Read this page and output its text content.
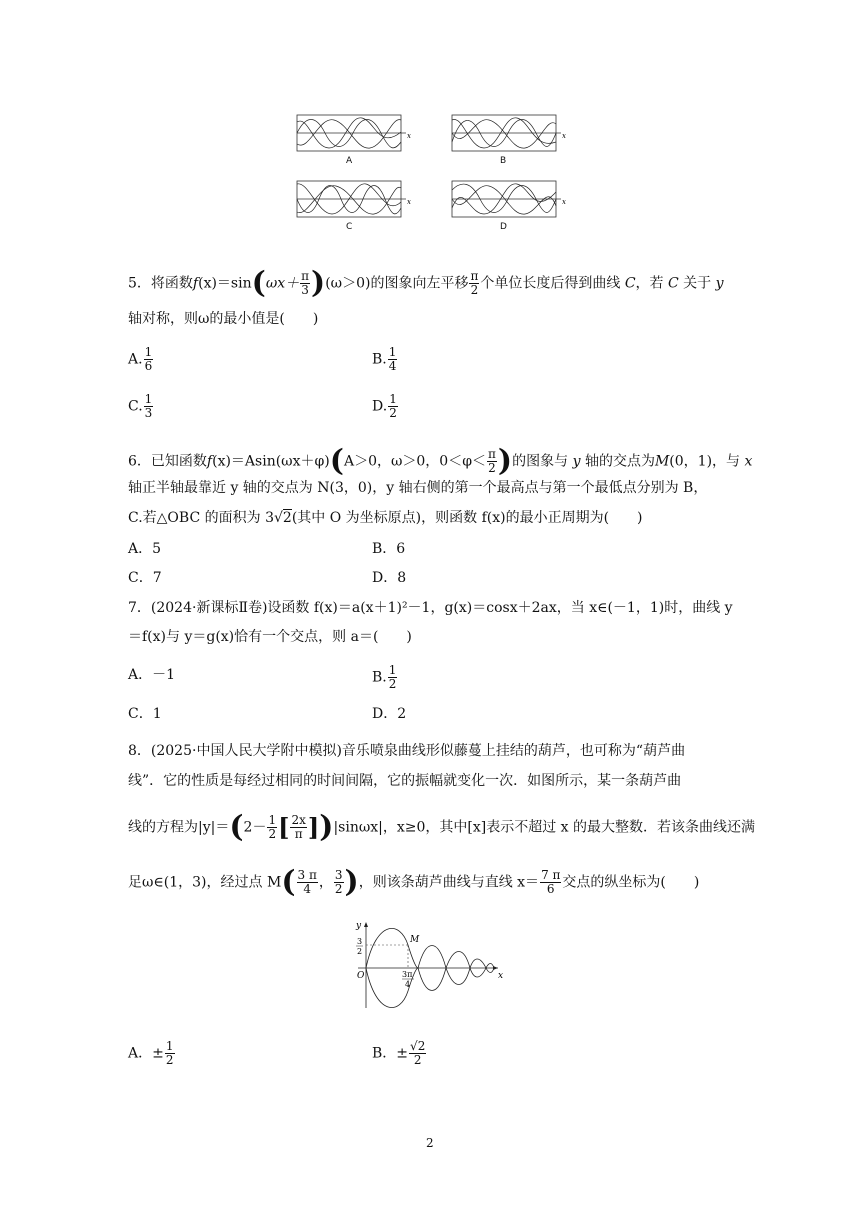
x
A
x
B
x
C
x
D
5．将函数$f(x)=\sin(\omega x+ \frac{\pi}{3} )(\omega>0)$的图象向左平移 $\frac{\pi}{2}$ 个单位长度后得到曲线 C，若 C 关于 y
轴对称，则ω的最小值是(　　)
A. $\frac{1}{6}$	B. $\frac{1}{4}$
C. $\frac{1}{3}$	D. $\frac{1}{2}$
6．已知函数f(x)＝Asin(ωx＋φ)(A＞0，ω＞0，$0<\varphi< \frac{\pi}{2}$ )的图象与 y 轴的交点为M(0，1)，与 x
轴正半轴最靠近 y 轴的交点为 N(3，0)，y 轴右侧的第一个最高点与第一个最低点分别为 B，
C.若△OBC 的面积为 3√2(其中 O 为坐标原点)，则函数 f(x)的最小正周期为(　　)
A．5	B．6
C．7	D．8
7．(2024·新课标Ⅱ卷)设函数 f(x)＝a(x＋1)²－1，g(x)＝cosx＋2ax，当 x∈(－1，1)时，曲线 y
＝f(x)与 y＝g(x)恰有一个交点，则 a＝(　　)
A．－1	B. $\frac{1}{2}$
C．1	D．2
8．(2025·中国人民大学附中模拟)音乐喷泉曲线形似藤蔓上挂结的葫芦，也可称为“葫芦曲
线”．它的性质是每经过相同的时间间隔，它的振幅就变化一次．如图所示，某一条葫芦曲
线的方程为$|y|=(2- \frac{1}{2}$ [ $\frac{2x}{\pi} ])|\sin\omega x|$，x≥0，其中[x]表示不超过 x 的最大整数．若该条曲线还满
足ω∈(1，3)，经过点 $M( \frac{3 \pi}{4}$ ， $\frac{3}{2}$ )，则该条葫芦曲线与直线 $x= \frac{7 \pi}{6}$ 交点的纵坐标为(　　)
y
x
O
M
3
2
3π
4
A．± $\frac{1}{2}$	B．± $\frac{√2}{2}$
2
